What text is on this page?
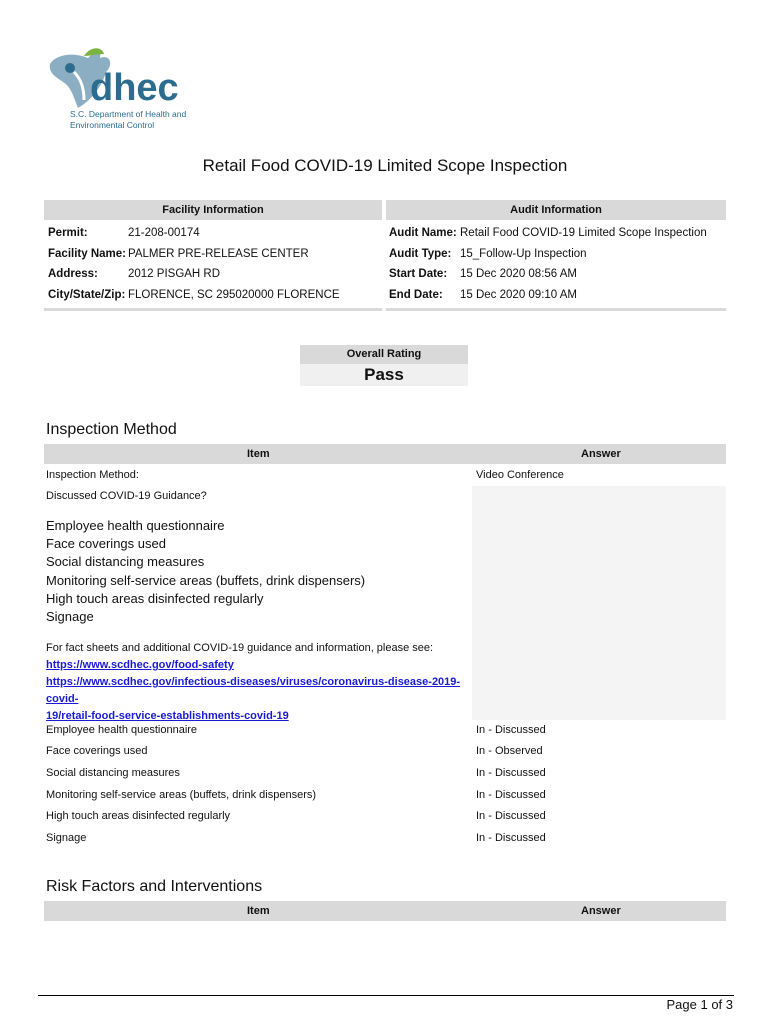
dhec
S.C. Department of Health and
Environmental Control
Retail Food COVID-19 Limited Scope Inspection
Facility Information	Audit Information
Permit:	21-208-00174
Facility Name: PALMER PRE-RELEASE CENTER
Address:	2012 PISGAH RD
City/State/Zip: FLORENCE, SC 295020000 FLORENCE
Audit Name: Retail Food COVID-19 Limited Scope Inspection
Audit Type: 15_Follow-Up Inspection
Start Date: 15 Dec 2020 08:56 AM
End Date: 15 Dec 2020 09:10 AM
Overall Rating
Pass
Inspection Method
Item	Answer
Inspection Method:	Video Conference
Discussed COVID-19 Guidance?
Employee health questionnaire
Face coverings used
Social distancing measures
Monitoring self-service areas (buffets, drink dispensers)
High touch areas disinfected regularly
Signage
For fact sheets and additional COVID-19 guidance and information, please see:
https://www.scdhec.gov/food-safety
https://www.scdhec.gov/infectious-diseases/viruses/coronavirus-disease-2019-covid-
19/retail-food-service-establishments-covid-19
Employee health questionnaire	In - Discussed
Face coverings used	In - Observed
Social distancing measures	In - Discussed
Monitoring self-service areas (buffets, drink dispensers)	In - Discussed
High touch areas disinfected regularly	In - Discussed
Signage	In - Discussed
Risk Factors and Interventions
Item	Answer
Page 1 of 3
